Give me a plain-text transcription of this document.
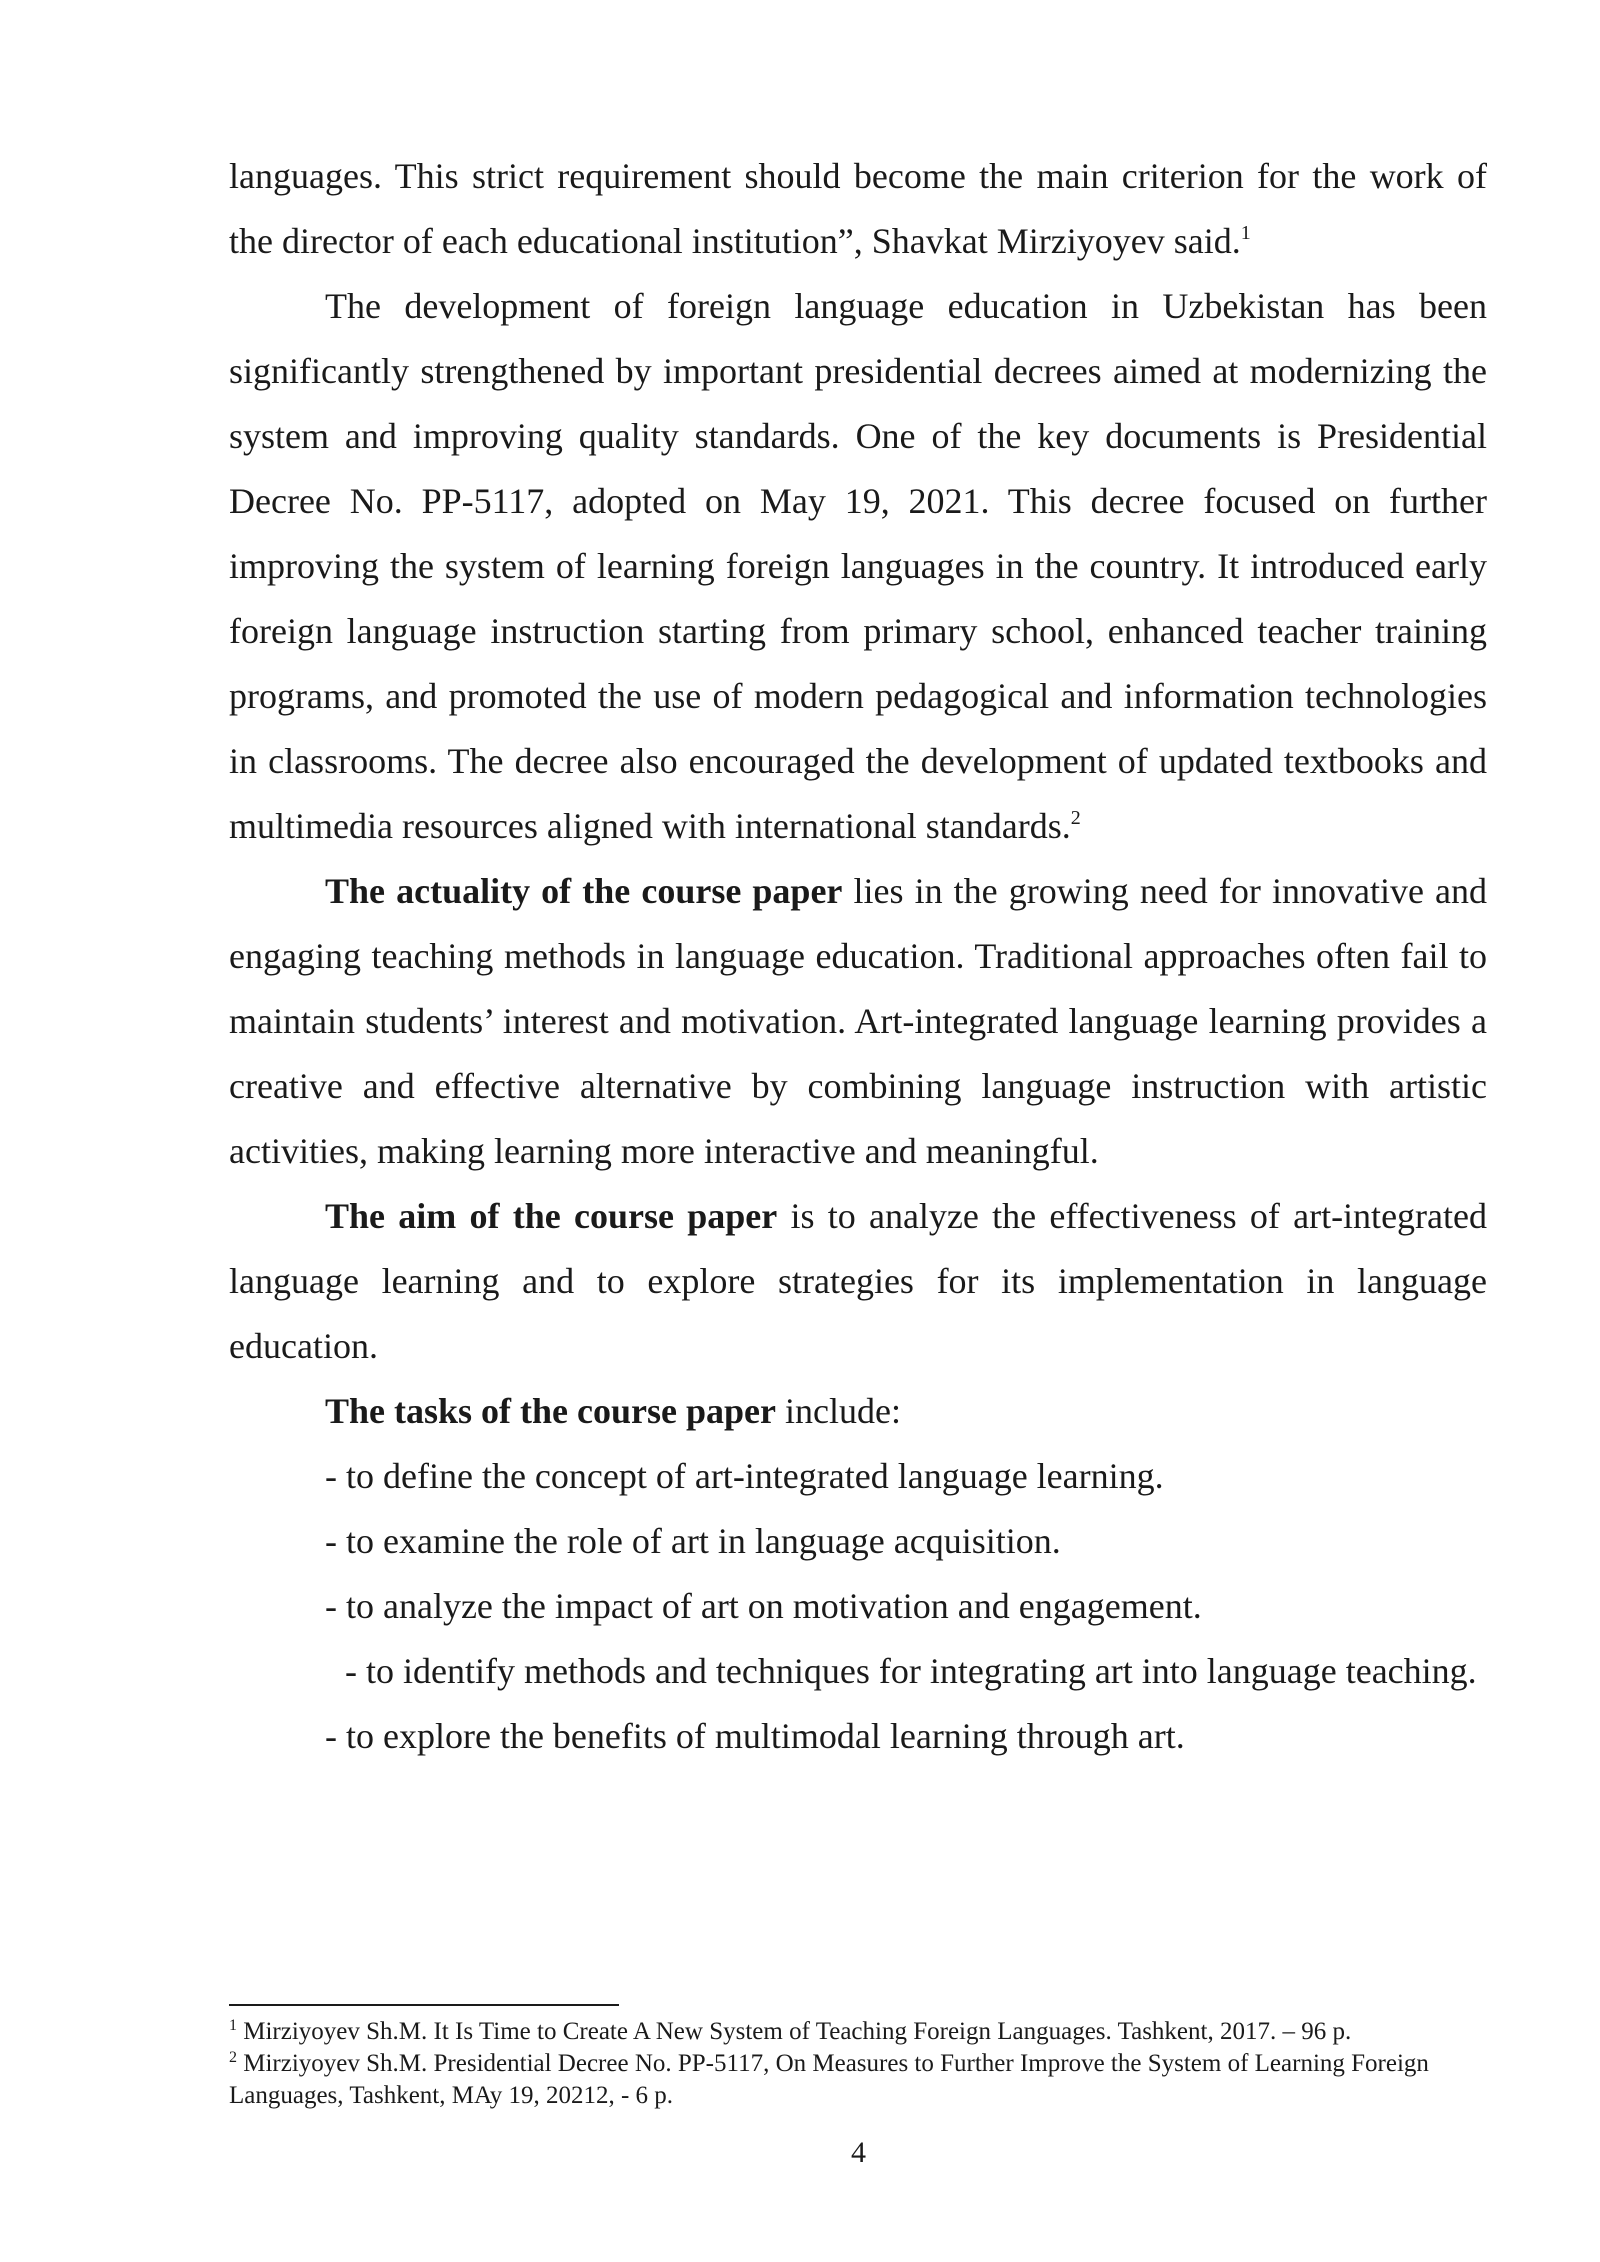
languages. This strict requirement should become the main criterion for the work of the director of each educational institution”, Shavkat Mirziyoyev said.$^1$

The development of foreign language education in Uzbekistan has been significantly strengthened by important presidential decrees aimed at modernizing the system and improving quality standards. One of the key documents is Presidential Decree No. PP-5117, adopted on May 19, 2021. This decree focused on further improving the system of learning foreign languages in the country. It introduced early foreign language instruction starting from primary school, enhanced teacher training programs, and promoted the use of modern pedagogical and information technologies in classrooms. The decree also encouraged the development of updated textbooks and multimedia resources aligned with international standards.$^2$

The actuality of the course paper lies in the growing need for innovative and engaging teaching methods in language education. Traditional approaches often fail to maintain students’ interest and motivation. Art-integrated language learning provides a creative and effective alternative by combining language instruction with artistic activities, making learning more interactive and meaningful.

The aim of the course paper is to analyze the effectiveness of art-integrated language learning and to explore strategies for its implementation in language education.

The tasks of the course paper include:

- to define the concept of art-integrated language learning.

- to examine the role of art in language acquisition.

- to analyze the impact of art on motivation and engagement.

- to identify methods and techniques for integrating art into language teaching.

- to explore the benefits of multimodal learning through art.

$^1$ Mirziyoyev Sh.M. It Is Time to Create A New System of Teaching Foreign Languages. Tashkent, 2017. – 96 p.

$^2$ Mirziyoyev Sh.M. Presidential Decree No. PP-5117, On Measures to Further Improve the System of Learning Foreign Languages, Tashkent, MAy 19, 20212, - 6 p.

4
